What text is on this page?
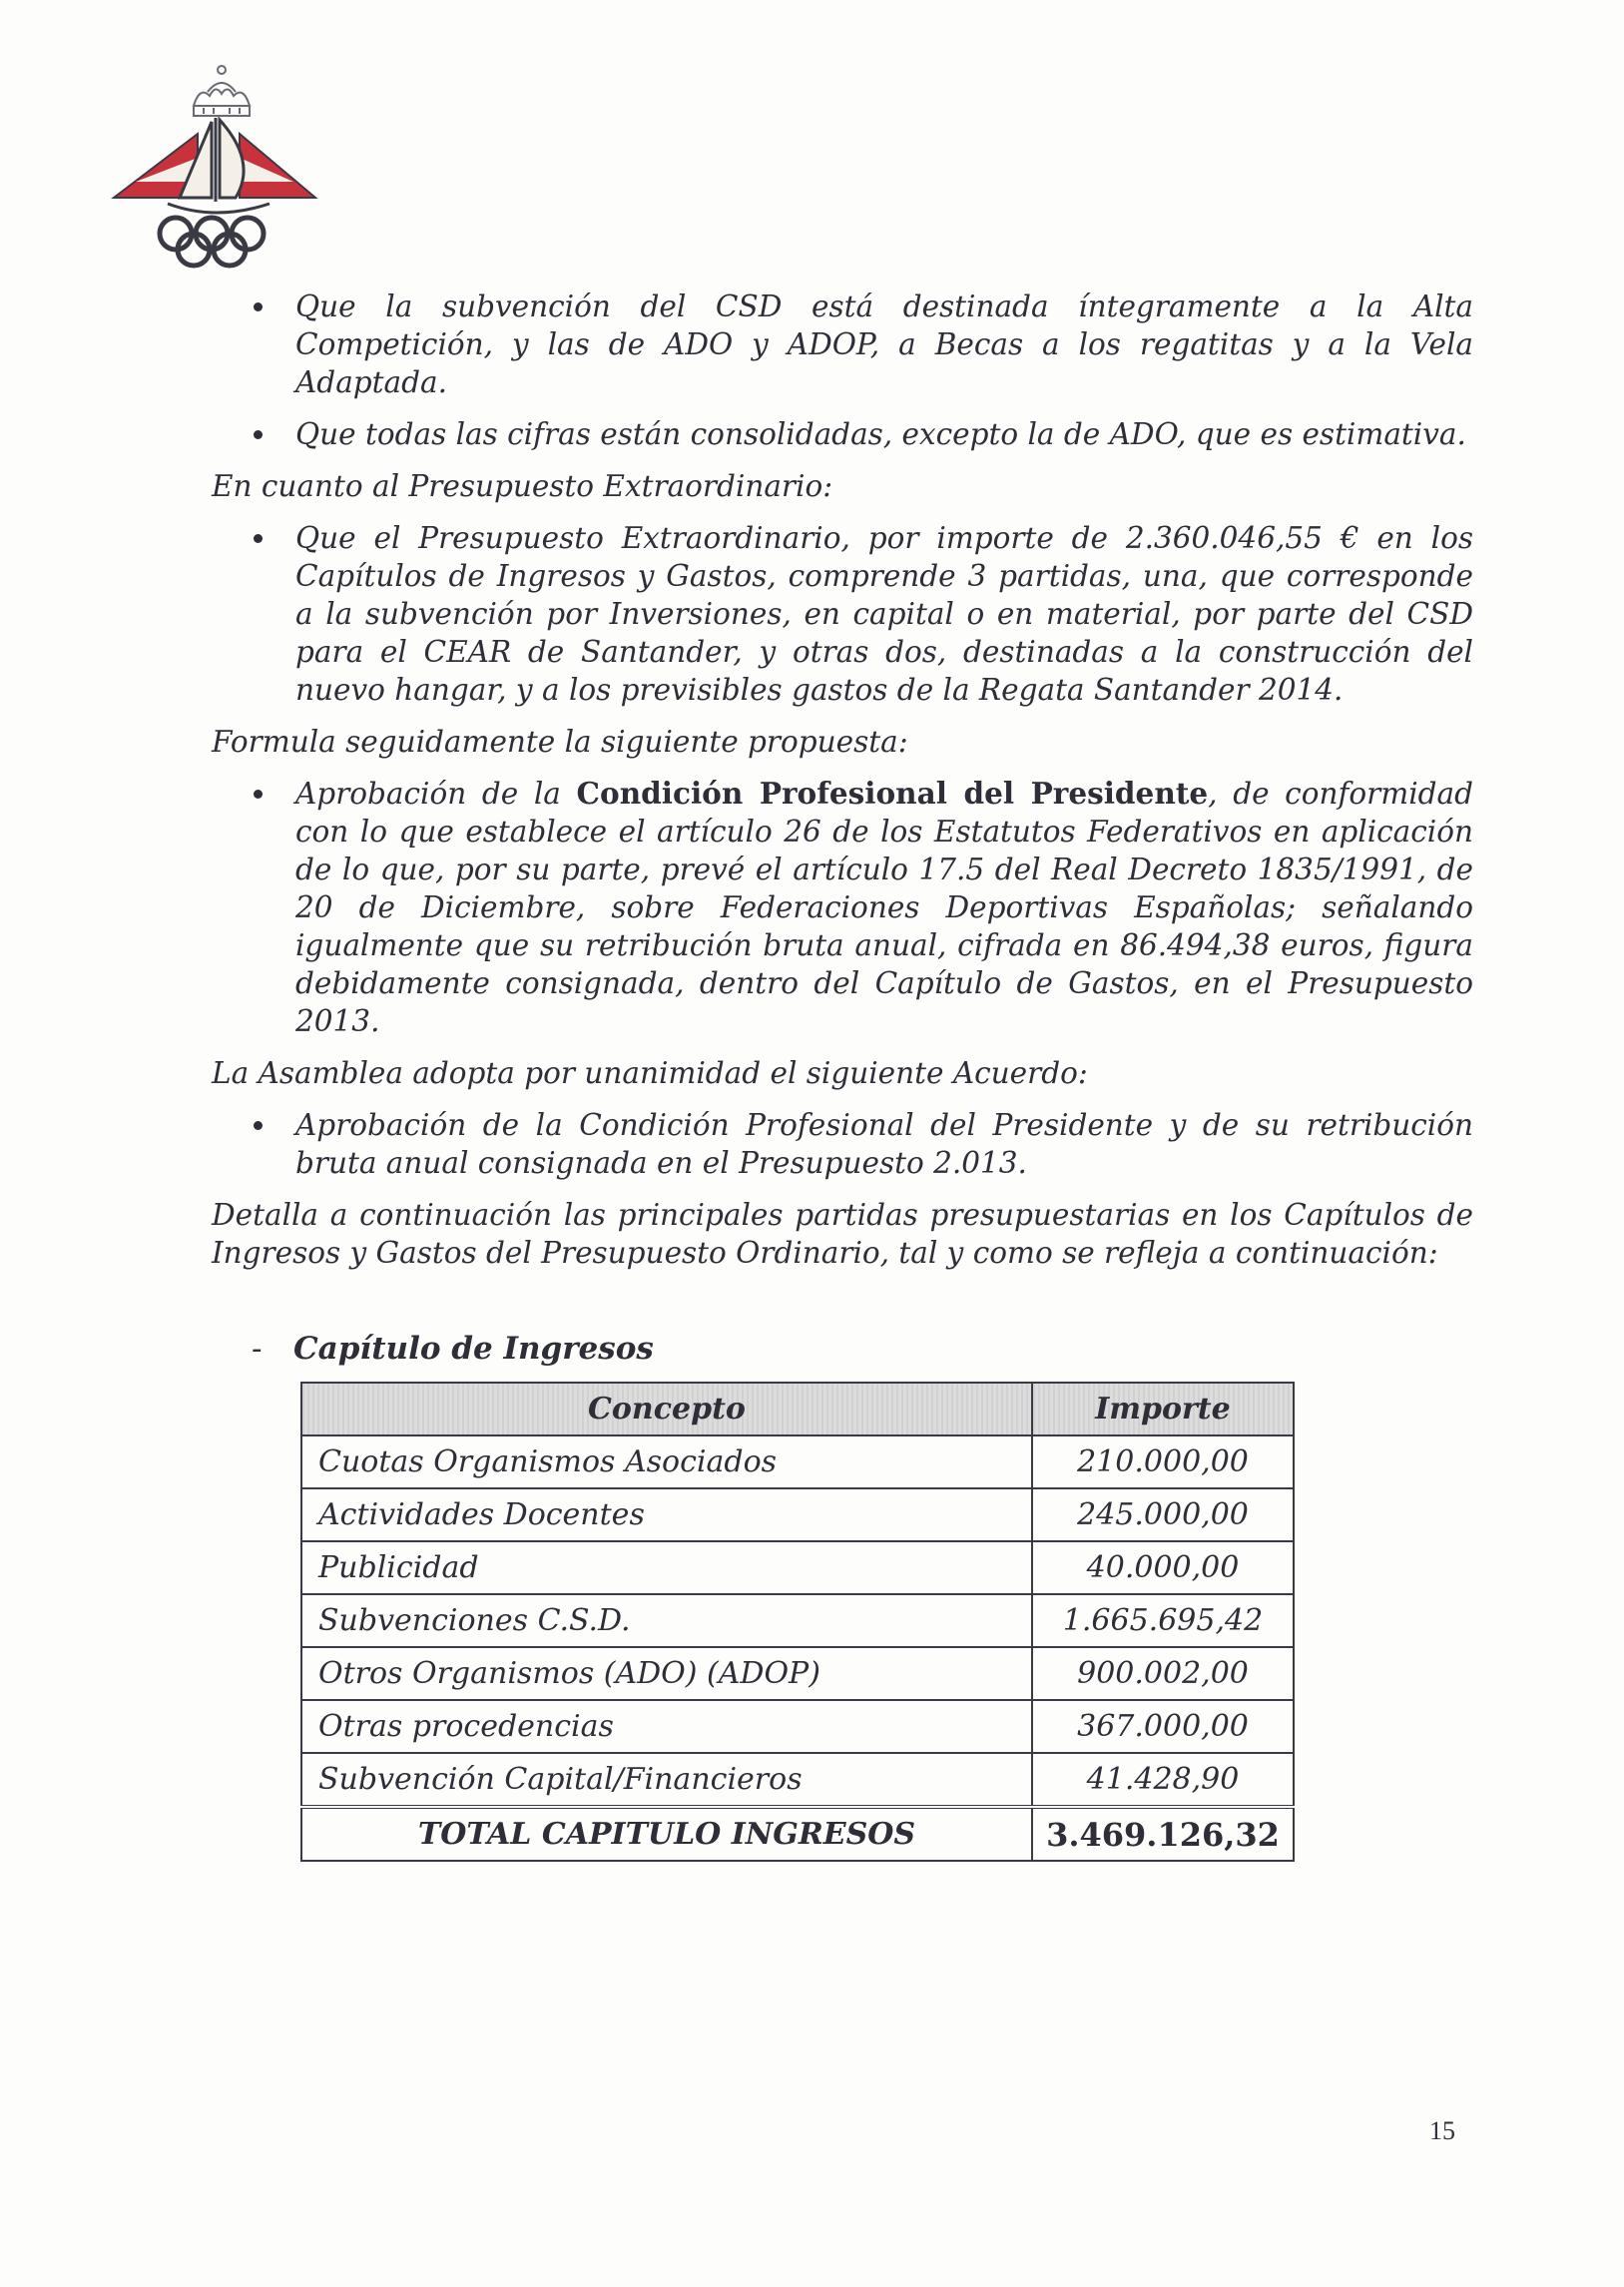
Que la subvención del CSD está destinada íntegramente a la Alta Competición, y las de ADO y ADOP, a Becas a los regatitas y a la Vela Adaptada.
Que todas las cifras están consolidadas, excepto la de ADO, que es estimativa.
En cuanto al Presupuesto Extraordinario:
Que el Presupuesto Extraordinario, por importe de 2.360.046,55 € en los Capítulos de Ingresos y Gastos, comprende 3 partidas, una, que corresponde a la subvención por Inversiones, en capital o en material, por parte del CSD para el CEAR de Santander, y otras dos, destinadas a la construcción del nuevo hangar, y a los previsibles gastos de la Regata Santander 2014.
Formula seguidamente la siguiente propuesta:
Aprobación de la Condición Profesional del Presidente, de conformidad con lo que establece el artículo 26 de los Estatutos Federativos en aplicación de lo que, por su parte, prevé el artículo 17.5 del Real Decreto 1835/1991, de 20 de Diciembre, sobre Federaciones Deportivas Españolas; señalando igualmente que su retribución bruta anual, cifrada en 86.494,38 euros, figura debidamente consignada, dentro del Capítulo de Gastos, en el Presupuesto 2013.
La Asamblea adopta por unanimidad el siguiente Acuerdo:
Aprobación de la Condición Profesional del Presidente y de su retribución bruta anual consignada en el Presupuesto 2.013.
Detalla a continuación las principales partidas presupuestarias en los Capítulos de Ingresos y Gastos del Presupuesto Ordinario, tal y como se refleja a continuación:
- Capítulo de Ingresos
Concepto	Importe
Cuotas Organismos Asociados	210.000,00
Actividades Docentes	245.000,00
Publicidad	40.000,00
Subvenciones C.S.D.	1.665.695,42
Otros Organismos (ADO) (ADOP)	900.002,00
Otras procedencias	367.000,00
Subvención Capital/Financieros	41.428,90
TOTAL CAPITULO INGRESOS	3.469.126,32
15
